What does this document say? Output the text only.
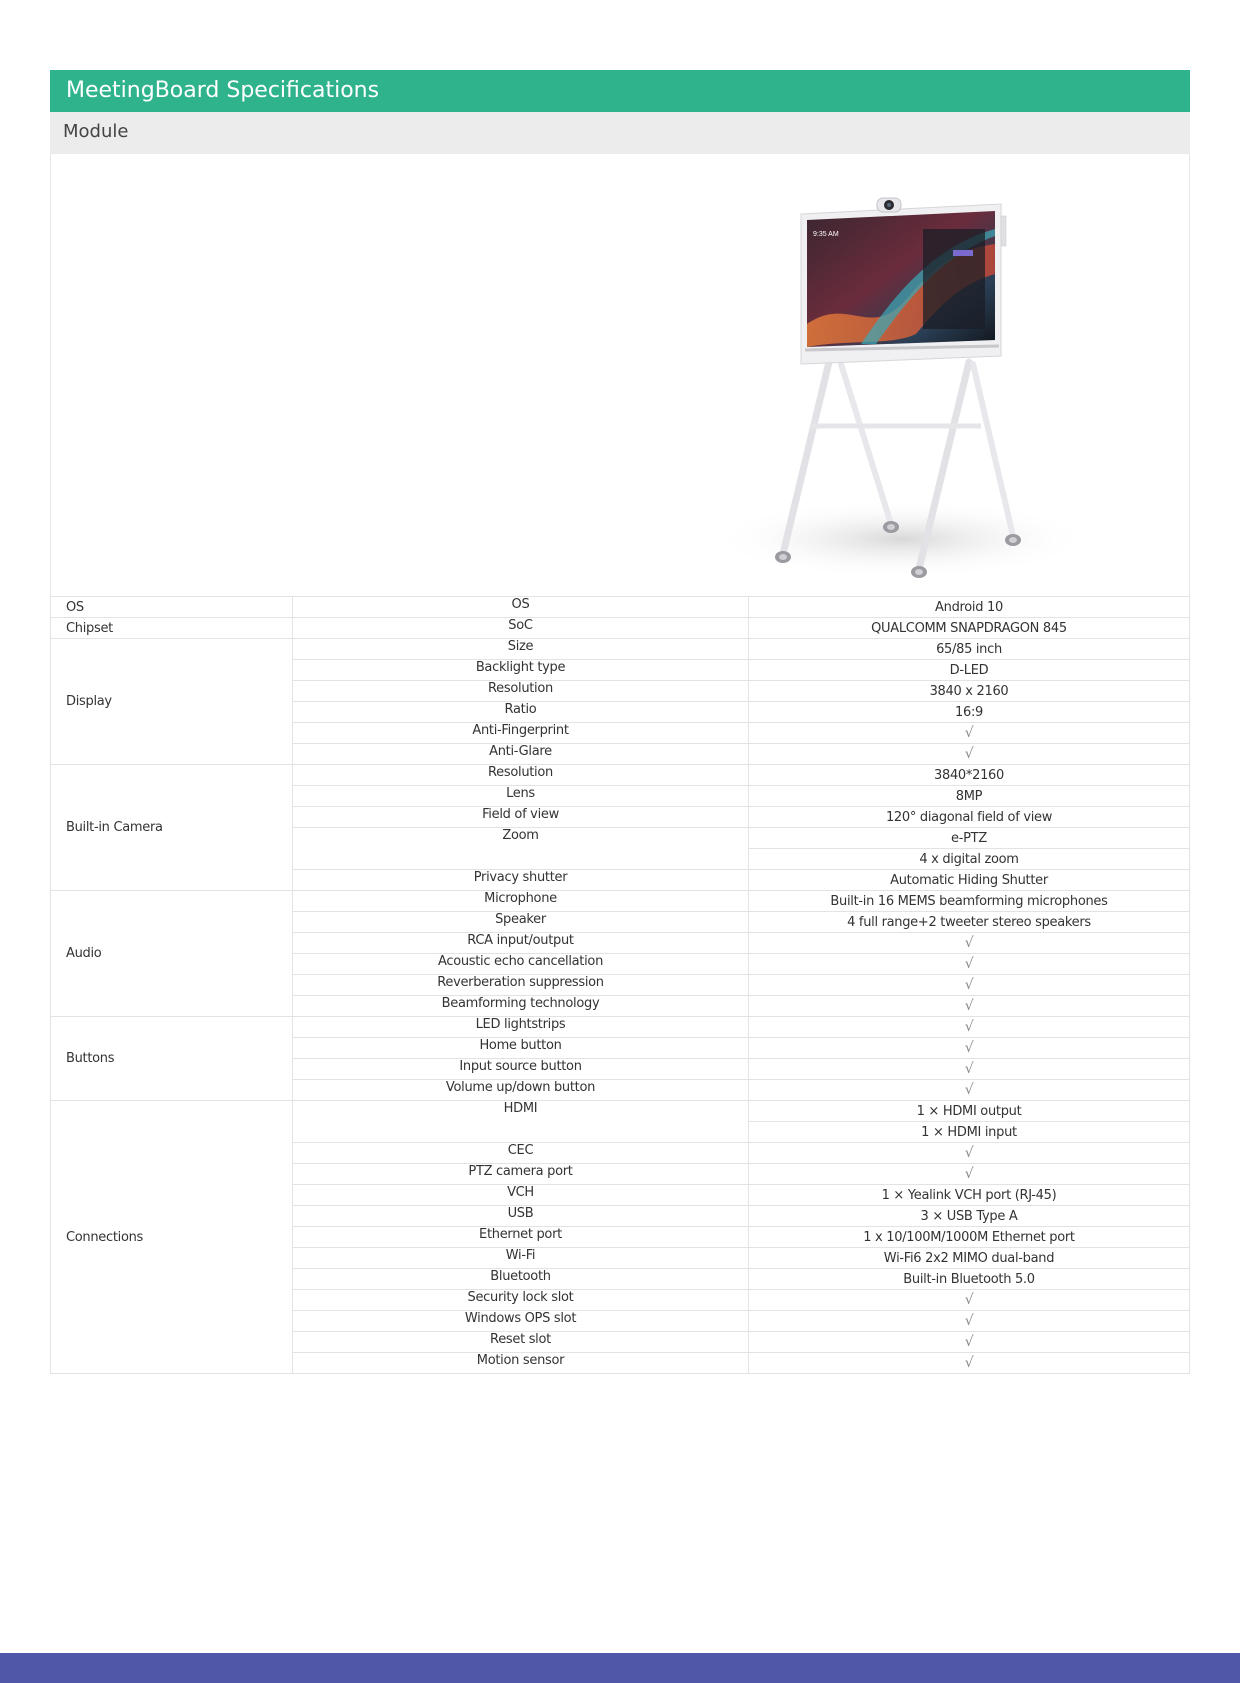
MeetingBoard Specifications
Module
9:35 AM
OS	OS	Android 10
Chipset	SoC	QUALCOMM SNAPDRAGON 845
Display	Size	65/85 inch
	Backlight type	D-LED
	Resolution	3840 x 2160
	Ratio	16:9
	Anti-Fingerprint	√
	Anti-Glare	√
Built-in Camera	Resolution	3840*2160
	Lens	8MP
	Field of view	120° diagonal field of view
	Zoom	e-PTZ
		4 x digital zoom
	Privacy shutter	Automatic Hiding Shutter
Audio	Microphone	Built-in 16 MEMS beamforming microphones
	Speaker	4 full range+2 tweeter stereo speakers
	RCA input/output	√
	Acoustic echo cancellation	√
	Reverberation suppression	√
	Beamforming technology	√
Buttons	LED lightstrips	√
	Home button	√
	Input source button	√
	Volume up/down button	√
Connections	HDMI	1 × HDMI output
		1 × HDMI input
	CEC	√
	PTZ camera port	√
	VCH	1 × Yealink VCH port (RJ-45)
	USB	3 × USB Type A
	Ethernet port	1 x 10/100M/1000M Ethernet port
	Wi-Fi	Wi-Fi6 2x2 MIMO dual-band
	Bluetooth	Built-in Bluetooth 5.0
	Security lock slot	√
	Windows OPS slot	√
	Reset slot	√
	Motion sensor	√
